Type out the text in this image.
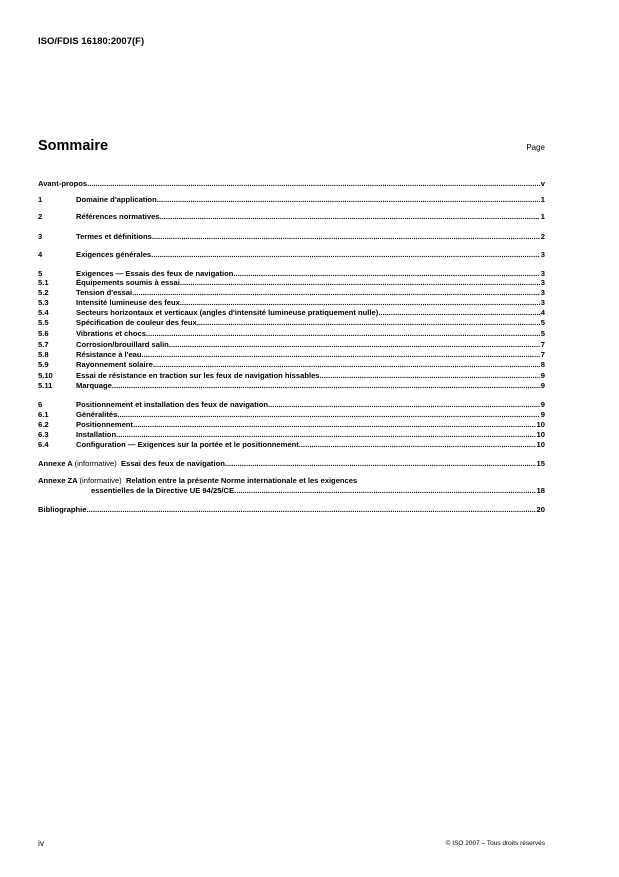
ISO/FDIS 16180:2007(F)
Sommaire	Page
Avant-propos .....	v
1	Domaine d'application .....	1
2	Références normatives .....	1
3	Termes et définitions .....	2
4	Exigences générales .....	3
5	Exigences — Essais des feux de navigation .....	3
5.1	Équipements soumis à essai .....	3
5.2	Tension d'essai .....	3
5.3	Intensité lumineuse des feux .....	3
5.4	Secteurs horizontaux et verticaux (angles d'intensité lumineuse pratiquement nulle) .....	4
5.5	Spécification de couleur des feux .....	5
5.6	Vibrations et chocs .....	5
5.7	Corrosion/brouillard salin .....	7
5.8	Résistance à l'eau .....	7
5.9	Rayonnement solaire .....	8
5.10	Essai de résistance en traction sur les feux de navigation hissables .....	9
5.11	Marquage .....	9
6	Positionnement et installation des feux de navigation .....	9
6.1	Généralités .....	9
6.2	Positionnement .....	10
6.3	Installation .....	10
6.4	Configuration — Exigences sur la portée et le positionnement .....	10
Annexe A (informative) Essai des feux de navigation .....	15
Annexe ZA (informative) Relation entre la présente Norme internationale et les exigences
essentielles de la Directive UE 94/25/CE .....	18
Bibliographie .....	20
iv	© ISO 2007 – Tous droits réservés
